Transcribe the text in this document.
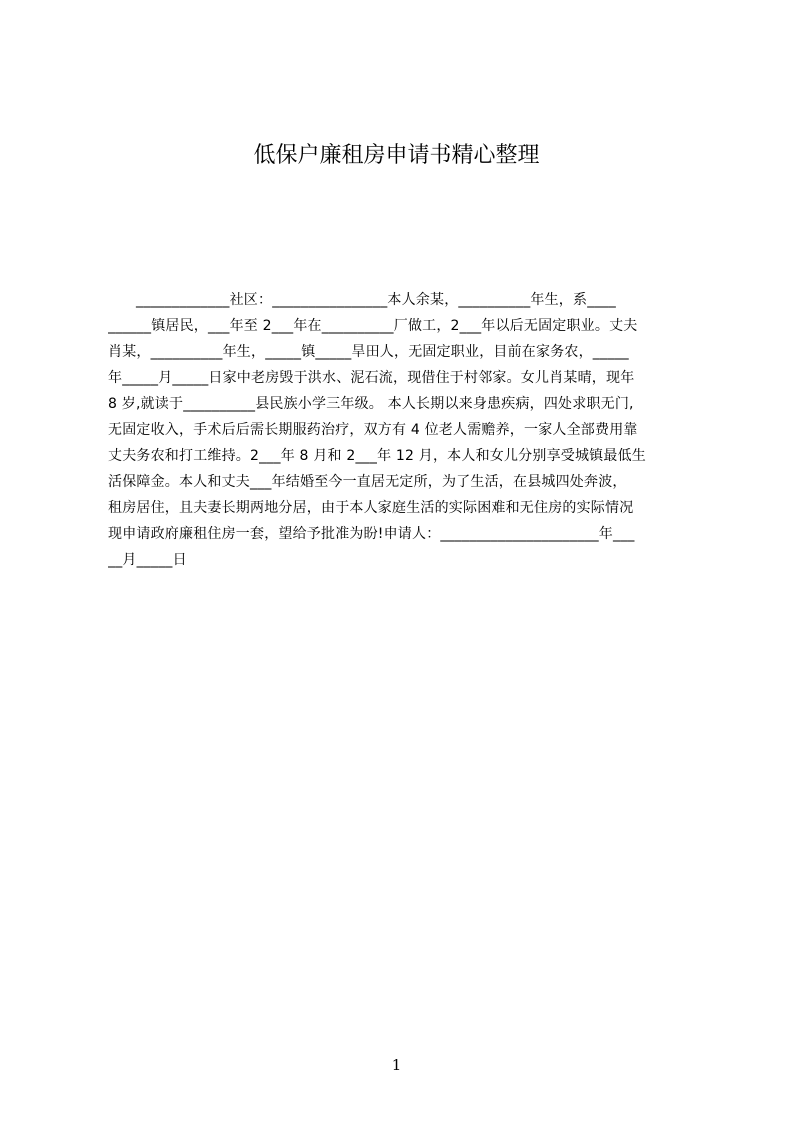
低保户廉租房申请书精心整理
_____________社区：________________本人余某，__________年生，系____
______镇居民，___年至 2___年在__________厂做工，2___年以后无固定职业。丈夫
肖某，__________年生，_____镇_____旱田人，无固定职业，目前在家务农，_____
年_____月_____日家中老房毁于洪水、泥石流，现借住于村邻家。女儿肖某晴，现年
8 岁,就读于__________县民族小学三年级。 本人长期以来身患疾病，四处求职无门,
无固定收入，手术后后需长期服药治疗，双方有 4 位老人需赡养，一家人全部费用靠
丈夫务农和打工维持。2___年 8 月和 2___年 12 月，本人和女儿分别享受城镇最低生
活保障金。本人和丈夫___年结婚至今一直居无定所，为了生活，在县城四处奔波，
租房居住，且夫妻长期两地分居，由于本人家庭生活的实际困难和无住房的实际情况
现申请政府廉租住房一套，望给予批准为盼!申请人：______________________年___
__月_____日
1
